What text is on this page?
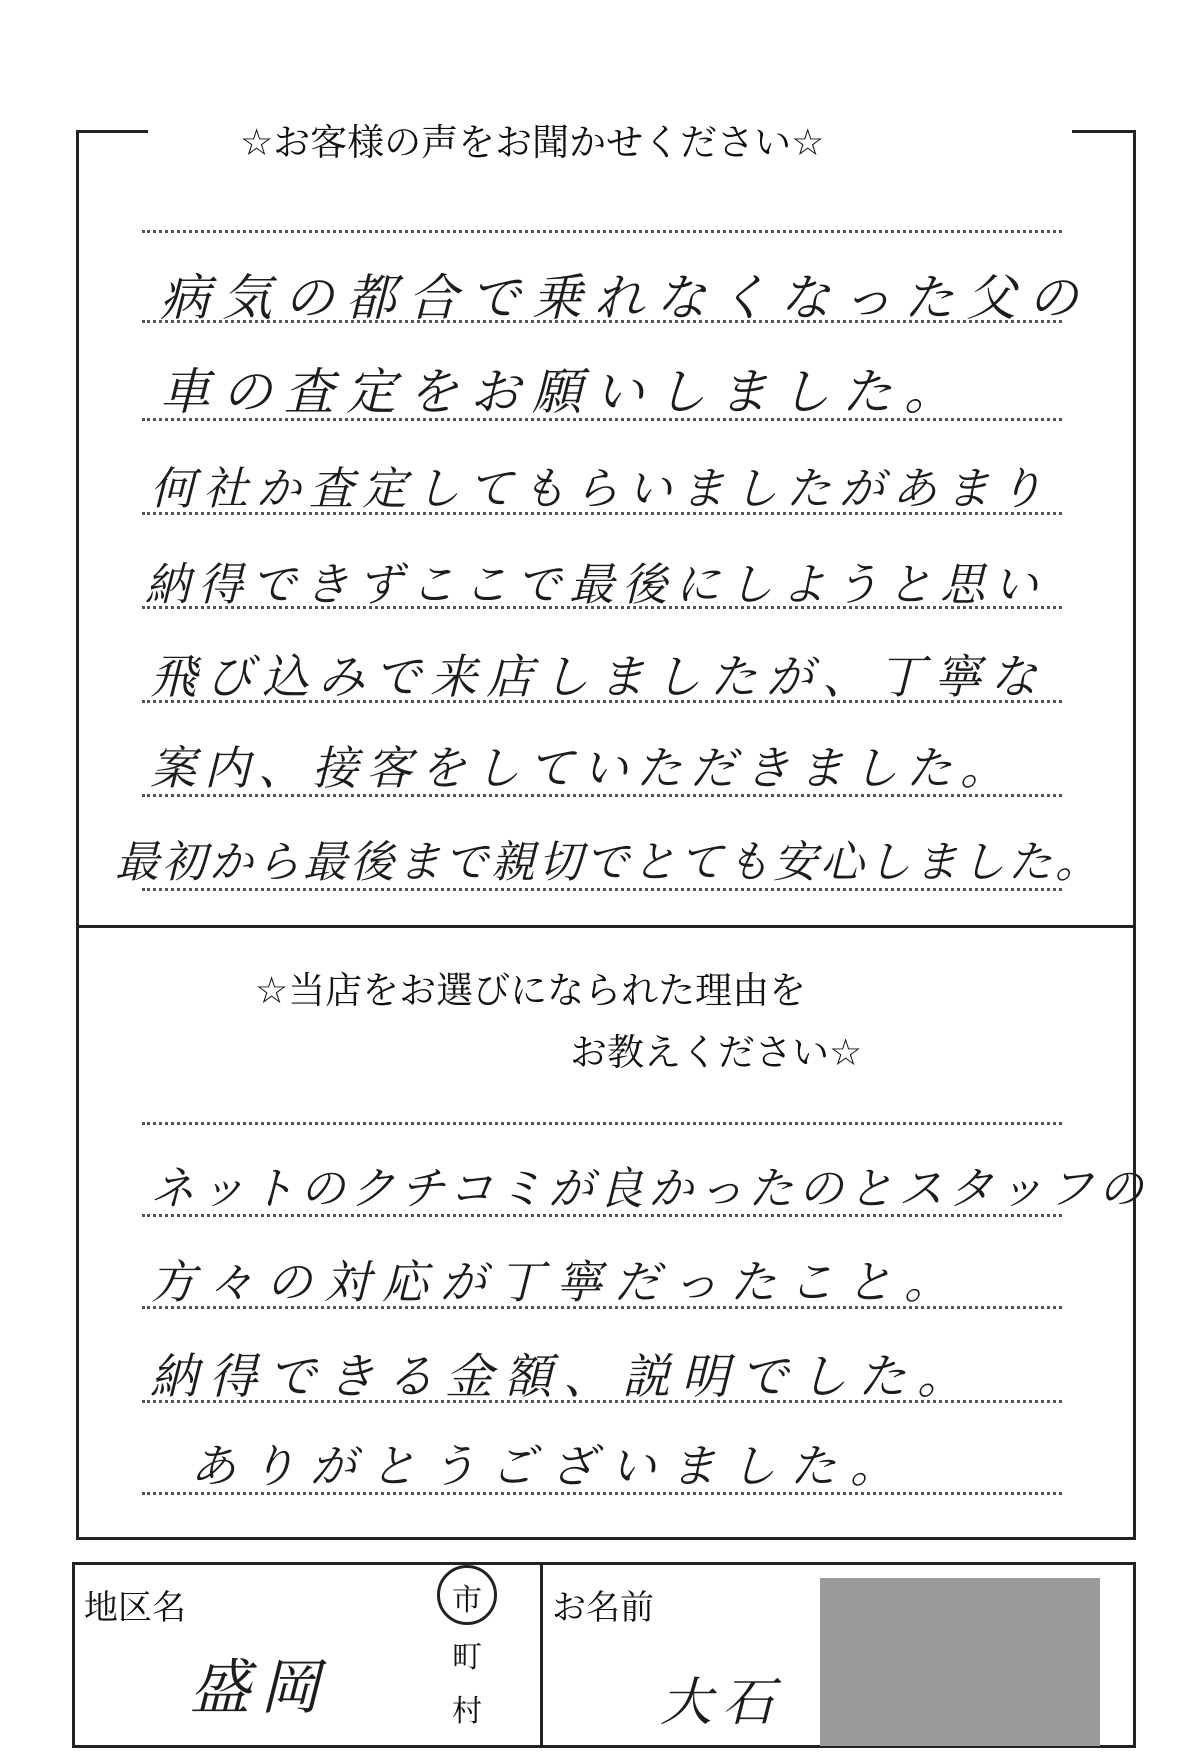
☆お客様の声をお聞かせください☆
病気の都合で乗れなくなった父の
車の査定をお願いしました。
何社か査定してもらいましたがあまり
納得できずここで最後にしようと思い
飛び込みで来店しましたが、丁寧な
案内、接客をしていただきました。
最初から最後まで親切でとても安心しました。
☆当店をお選びになられた理由を
お教えください☆
ネットのクチコミが良かったのとスタッフの
方々の対応が丁寧だったこと。
納得できる金額、説明でした。
ありがとうございました。
地区名
盛岡
市
町
村
お名前
大石
